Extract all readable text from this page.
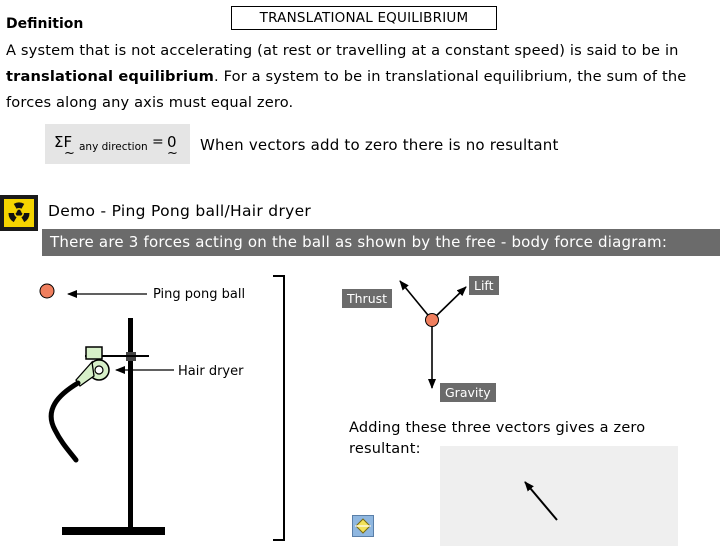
TRANSLATIONAL EQUILIBRIUM
Definition
A system that is not accelerating (at rest or travelling at a constant speed) is said to be in translational equilibrium. For a system to be in translational equilibrium, the sum of the forces along any axis must equal zero.
ΣF any direction = 0
~	~ When vectors add to zero there is no resultant
Demo - Ping Pong ball/Hair dryer
There are 3 forces acting on the ball as shown by the free - body force diagram:
Ping pong ball
Hair dryer
Lift
Thrust
Gravity
Adding these three vectors gives a zero resultant:
